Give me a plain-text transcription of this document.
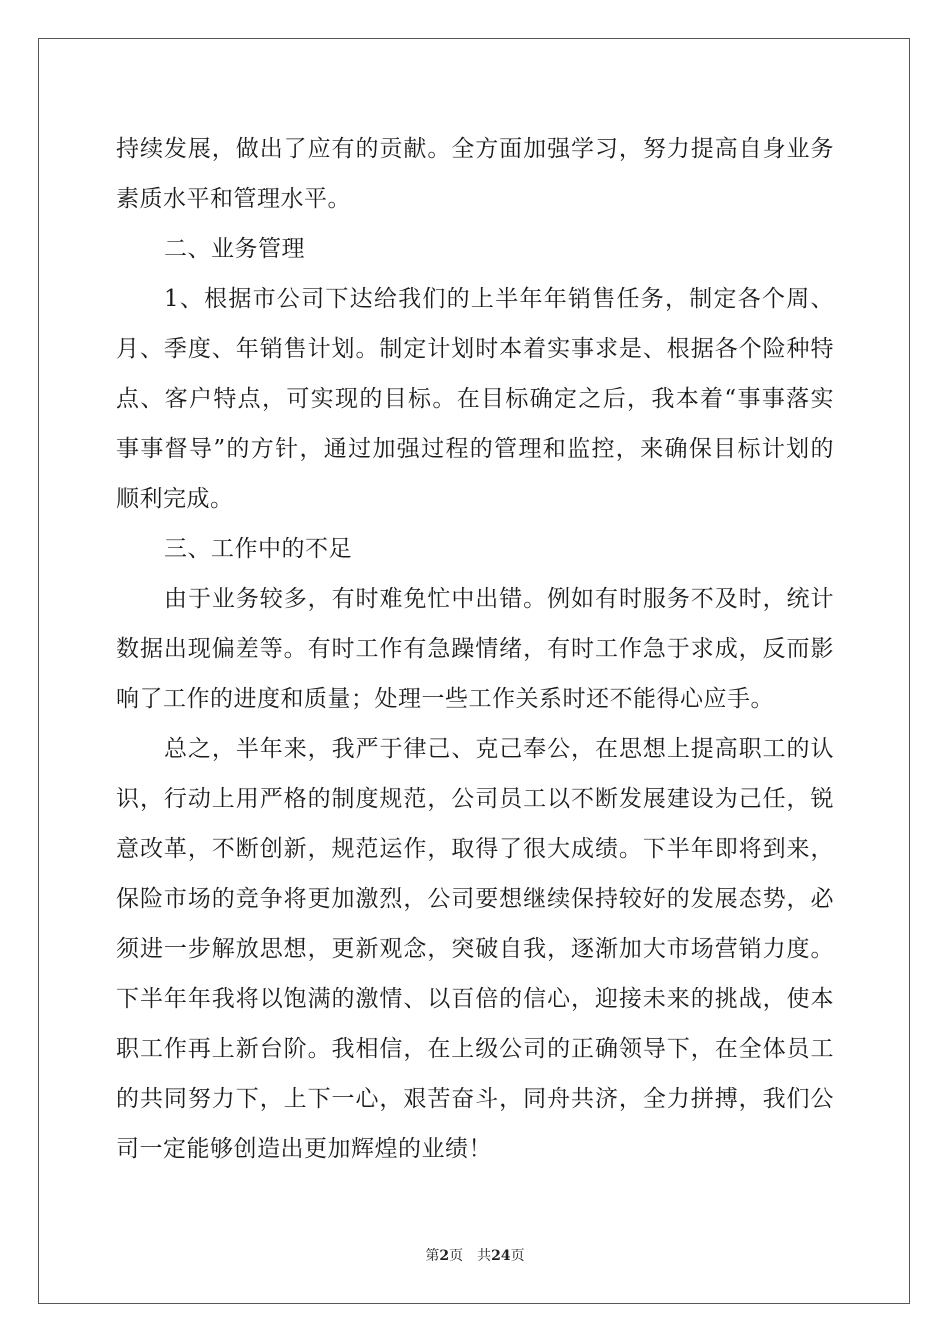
持续发展，做出了应有的贡献。全方面加强学习，努力提高自身业务
素质水平和管理水平。
二、业务管理
1、根据市公司下达给我们的上半年年销售任务，制定各个周、
月、季度、年销售计划。制定计划时本着实事求是、根据各个险种特
点、客户特点，可实现的目标。在目标确定之后，我本着“事事落实
事事督导”的方针，通过加强过程的管理和监控，来确保目标计划的
顺利完成。
三、工作中的不足
由于业务较多，有时难免忙中出错。例如有时服务不及时，统计
数据出现偏差等。有时工作有急躁情绪，有时工作急于求成，反而影
响了工作的进度和质量；处理一些工作关系时还不能得心应手。
总之，半年来，我严于律己、克己奉公，在思想上提高职工的认
识，行动上用严格的制度规范，公司员工以不断发展建设为己任，锐
意改革，不断创新，规范运作，取得了很大成绩。下半年即将到来，
保险市场的竞争将更加激烈，公司要想继续保持较好的发展态势，必
须进一步解放思想，更新观念，突破自我，逐渐加大市场营销力度。
下半年年我将以饱满的激情、以百倍的信心，迎接未来的挑战，使本
职工作再上新台阶。我相信，在上级公司的正确领导下，在全体员工
的共同努力下，上下一心，艰苦奋斗，同舟共济，全力拼搏，我们公
司一定能够创造出更加辉煌的业绩！
第2页 共24页
